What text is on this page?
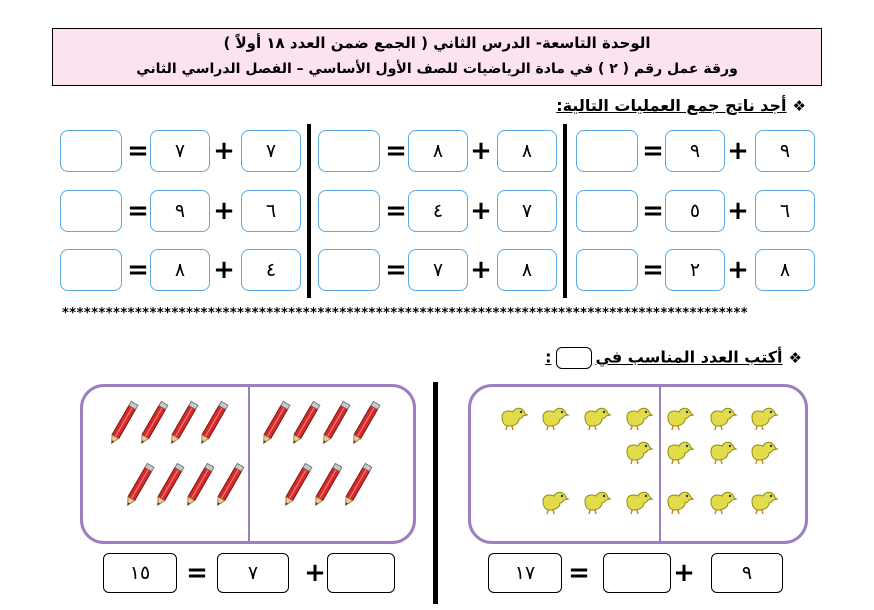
الوحدة التاسعة- الدرس الثاني ( الجمع ضمن العدد ١٨ أولاً )
ورقة عمل رقم ( ٢ ) في مادة الرياضيات للصف الأول الأساسي – الفصل الدراسي الثاني
❖أجد ناتج جمع العمليات التالية:
٧
+
٧
=
٦
+
٩
=
٤
+
٨
=
٨
+
٨
=
٧
+
٤
=
٨
+
٧
=
٩
+
٩
=
٦
+
٥
=
٨
+
٢
=
**********************************************************************************************
❖أكتب العدد المناسب في:
٩
+
=
١٧
+
٧
=
١٥
